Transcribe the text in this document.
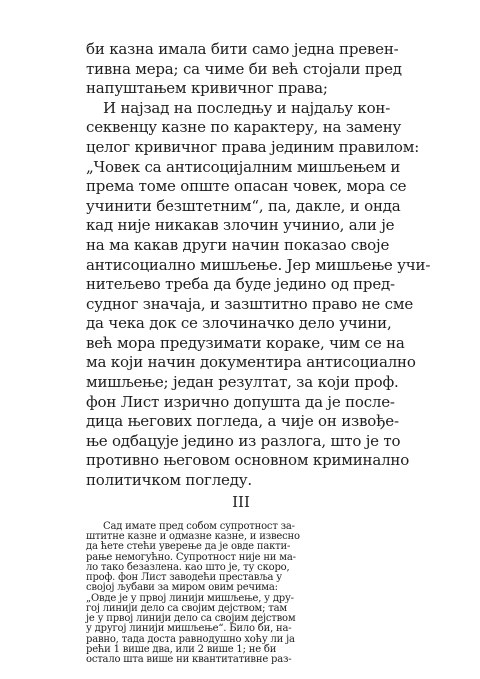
би казна имала бити само једна превен-
тивна мера; са чиме би већ стојали пред
напуштањем кривичног права;
И најзад на последњу и најдаљу кон-
секвенцу казне по карактеру, на замену
целог кривичног права јединим правилом:
„Човек са антисоцијалним мишљењем и
према томе опште опасан човек, мора се
учинити безштетним“, па, дакле, и онда
кад није никакав злочин учинио, али је
на ма какав други начин показао своје
антисоциално мишљење. Јер мишљење учи-
нитељево треба да буде једино од пред-
судног значаја, и зазштитно право не сме
да чека док се злочиначко дело учини,
већ мора предузимати кораке, чим се на
ма који начин документира антисоциално
мишљење; један резултат, за који проф.
фон Лист изрично допушта да је после-
дица његових погледа, а чије он извође-
ње одбацује једино из разлога, што је то
противно његовом основном криминално
политичком погледу.
III
Сад имате пред собом супротност за-
штитне казне и одмазне казне, и извесно
да ћете стећи уверење да је овде пакти-
рање немогућно. Супротност није ни ма-
ло тако безазлена. као што је, ту скоро,
проф. фон Лист заводећи преставља у
својој љубави за миром овим речима:
„Овде је у првој линији мишљење, у дру-
гој линији дело са својим дејством; там
је у првој линији дело са својим дејством
у другој линији мишљење“. Било би, на-
равно, тада доста равнодушно хоћу ли ја
рећи 1 више два, или 2 више 1; не би
остало шта више ни квантитативне раз-
